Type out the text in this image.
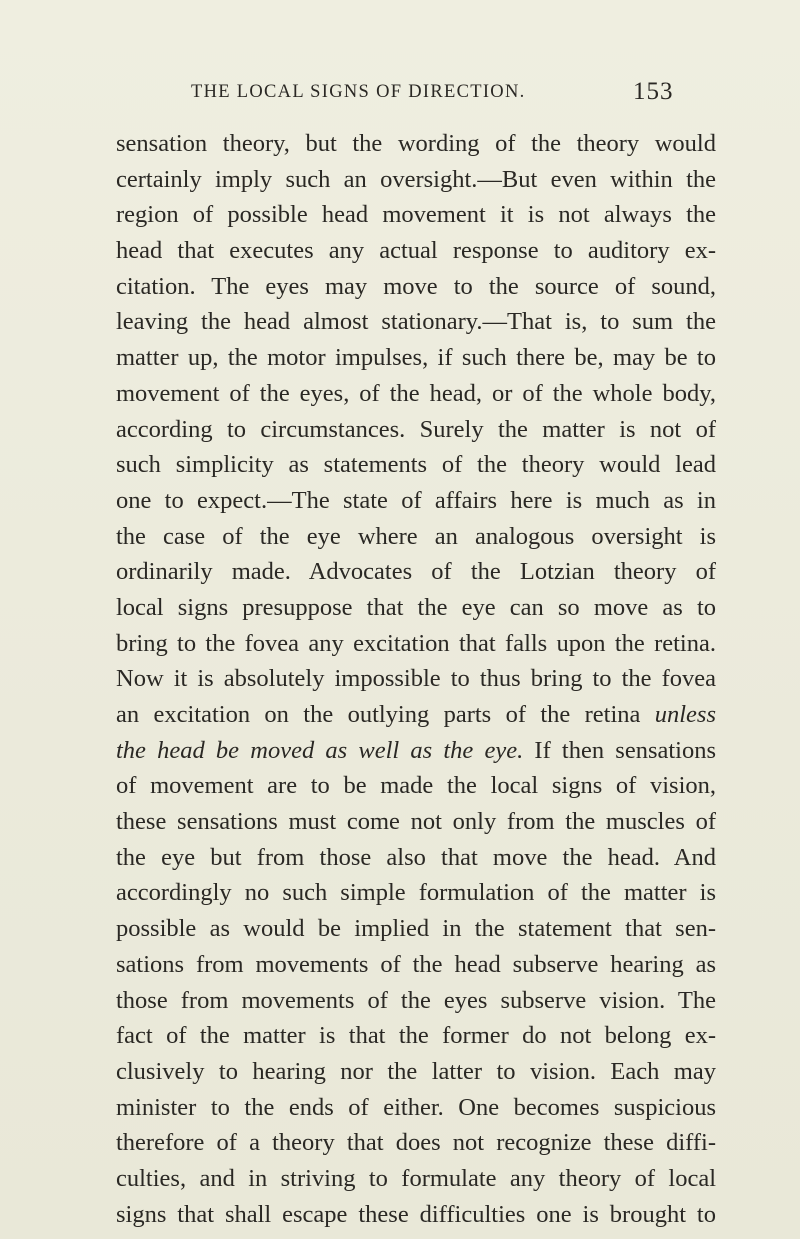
THE LOCAL SIGNS OF DIRECTION.	153
sensation theory, but the wording of the theory would
certainly imply such an oversight.—But even within the
region of possible head movement it is not always the
head that executes any actual response to auditory ex-
citation. The eyes may move to the source of sound,
leaving the head almost stationary.—That is, to sum the
matter up, the motor impulses, if such there be, may be to
movement of the eyes, of the head, or of the whole body,
according to circumstances. Surely the matter is not of
such simplicity as statements of the theory would lead
one to expect.—The state of affairs here is much as in
the case of the eye where an analogous oversight is
ordinarily made. Advocates of the Lotzian theory of
local signs presuppose that the eye can so move as to
bring to the fovea any excitation that falls upon the retina.
Now it is absolutely impossible to thus bring to the fovea
an excitation on the outlying parts of the retina unless
the head be moved as well as the eye. If then sensations
of movement are to be made the local signs of vision,
these sensations must come not only from the muscles of
the eye but from those also that move the head. And
accordingly no such simple formulation of the matter is
possible as would be implied in the statement that sen-
sations from movements of the head subserve hearing as
those from movements of the eyes subserve vision. The
fact of the matter is that the former do not belong ex-
clusively to hearing nor the latter to vision. Each may
minister to the ends of either. One becomes suspicious
therefore of a theory that does not recognize these diffi-
culties, and in striving to formulate any theory of local
signs that shall escape these difficulties one is brought to
